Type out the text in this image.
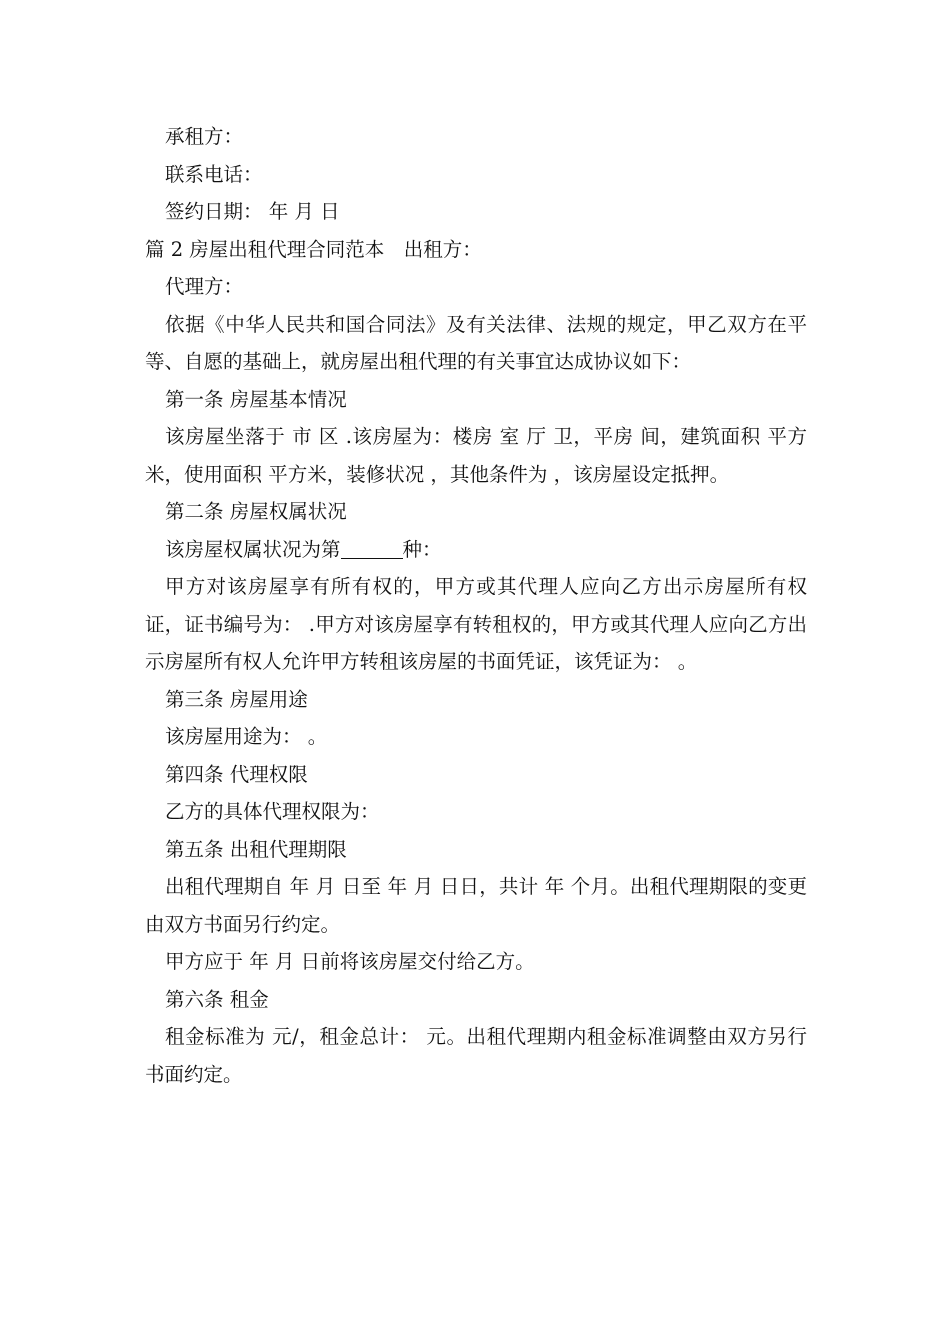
承租方：

联系电话：

签约日期： 年 月 日

篇 2 房屋出租代理合同范本　出租方：

代理方：

依据《中华人民共和国合同法》及有关法律、法规的规定，甲乙双方在平等、自愿的基础上，就房屋出租代理的有关事宜达成协议如下：

第一条 房屋基本情况

该房屋坐落于 市 区 .该房屋为：楼房 室 厅 卫，平房 间，建筑面积 平方米，使用面积 平方米，装修状况 ，其他条件为 ，该房屋设定抵押。

第二条 房屋权属状况

该房屋权属状况为第	种：

甲方对该房屋享有所有权的，甲方或其代理人应向乙方出示房屋所有权证，证书编号为： .甲方对该房屋享有转租权的，甲方或其代理人应向乙方出示房屋所有权人允许甲方转租该房屋的书面凭证，该凭证为： 。

第三条 房屋用途

该房屋用途为： 。

第四条 代理权限

乙方的具体代理权限为：

第五条 出租代理期限

出租代理期自 年 月 日至 年 月 日日，共计 年 个月。出租代理期限的变更由双方书面另行约定。

甲方应于 年 月 日前将该房屋交付给乙方。

第六条 租金

租金标准为 元/，租金总计： 元。出租代理期内租金标准调整由双方另行书面约定。
